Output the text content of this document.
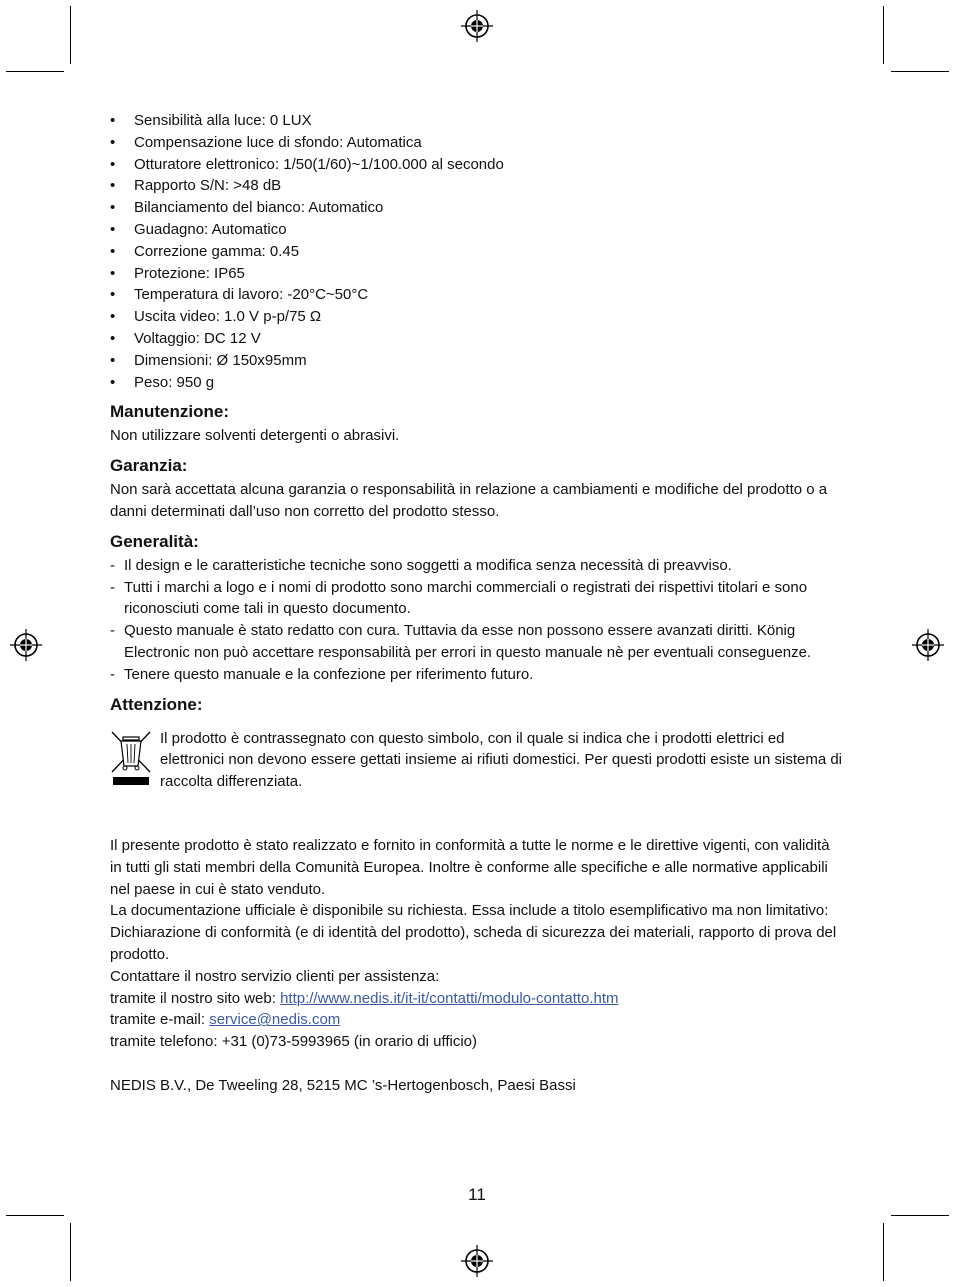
• Sensibilità alla luce: 0 LUX
• Compensazione luce di sfondo: Automatica
• Otturatore elettronico: 1/50(1/60)~1/100.000 al secondo
• Rapporto S/N: >48 dB
• Bilanciamento del bianco: Automatico
• Guadagno: Automatico
• Correzione gamma: 0.45
• Protezione: IP65
• Temperatura di lavoro: -20°C~50°C
• Uscita video: 1.0 V p-p/75 Ω
• Voltaggio: DC 12 V
• Dimensioni: Ø 150x95mm
• Peso: 950 g
Manutenzione:

Non utilizzare solventi detergenti o abrasivi.

Garanzia:

Non sarà accettata alcuna garanzia o responsabilità in relazione a cambiamenti e modifiche del prodotto o a danni determinati dall’uso non corretto del prodotto stesso.

Generalità:
- Il design e le caratteristiche tecniche sono soggetti a modifica senza necessità di preavviso.
- Tutti i marchi a logo e i nomi di prodotto sono marchi commerciali o registrati dei rispettivi titolari e sono riconosciuti come tali in questo documento.
- Questo manuale è stato redatto con cura. Tuttavia da esse non possono essere avanzati diritti. König Electronic non può accettare responsabilità per errori in questo manuale nè per eventuali conseguenze.
- Tenere questo manuale e la confezione per riferimento futuro.
Attenzione:

Il prodotto è contrassegnato con questo simbolo, con il quale si indica che i prodotti elettrici ed elettronici non devono essere gettati insieme ai rifiuti domestici. Per questi prodotti esiste un sistema di raccolta differenziata.

Il presente prodotto è stato realizzato e fornito in conformità a tutte le norme e le direttive vigenti, con validità in tutti gli stati membri della Comunità Europea. Inoltre è conforme alle specifiche e alle normative applicabili nel paese in cui è stato venduto.

La documentazione ufficiale è disponibile su richiesta. Essa include a titolo esemplificativo ma non limitativo: Dichiarazione di conformità (e di identità del prodotto), scheda di sicurezza dei materiali, rapporto di prova del prodotto.

Contattare il nostro servizio clienti per assistenza:

tramite il nostro sito web: http://www.nedis.it/it-it/contatti/modulo-contatto.htm

tramite e-mail: service@nedis.com

tramite telefono: +31 (0)73-5993965 (in orario di ufficio)

NEDIS B.V., De Tweeling 28, 5215 MC ’s-Hertogenbosch, Paesi Bassi

11
